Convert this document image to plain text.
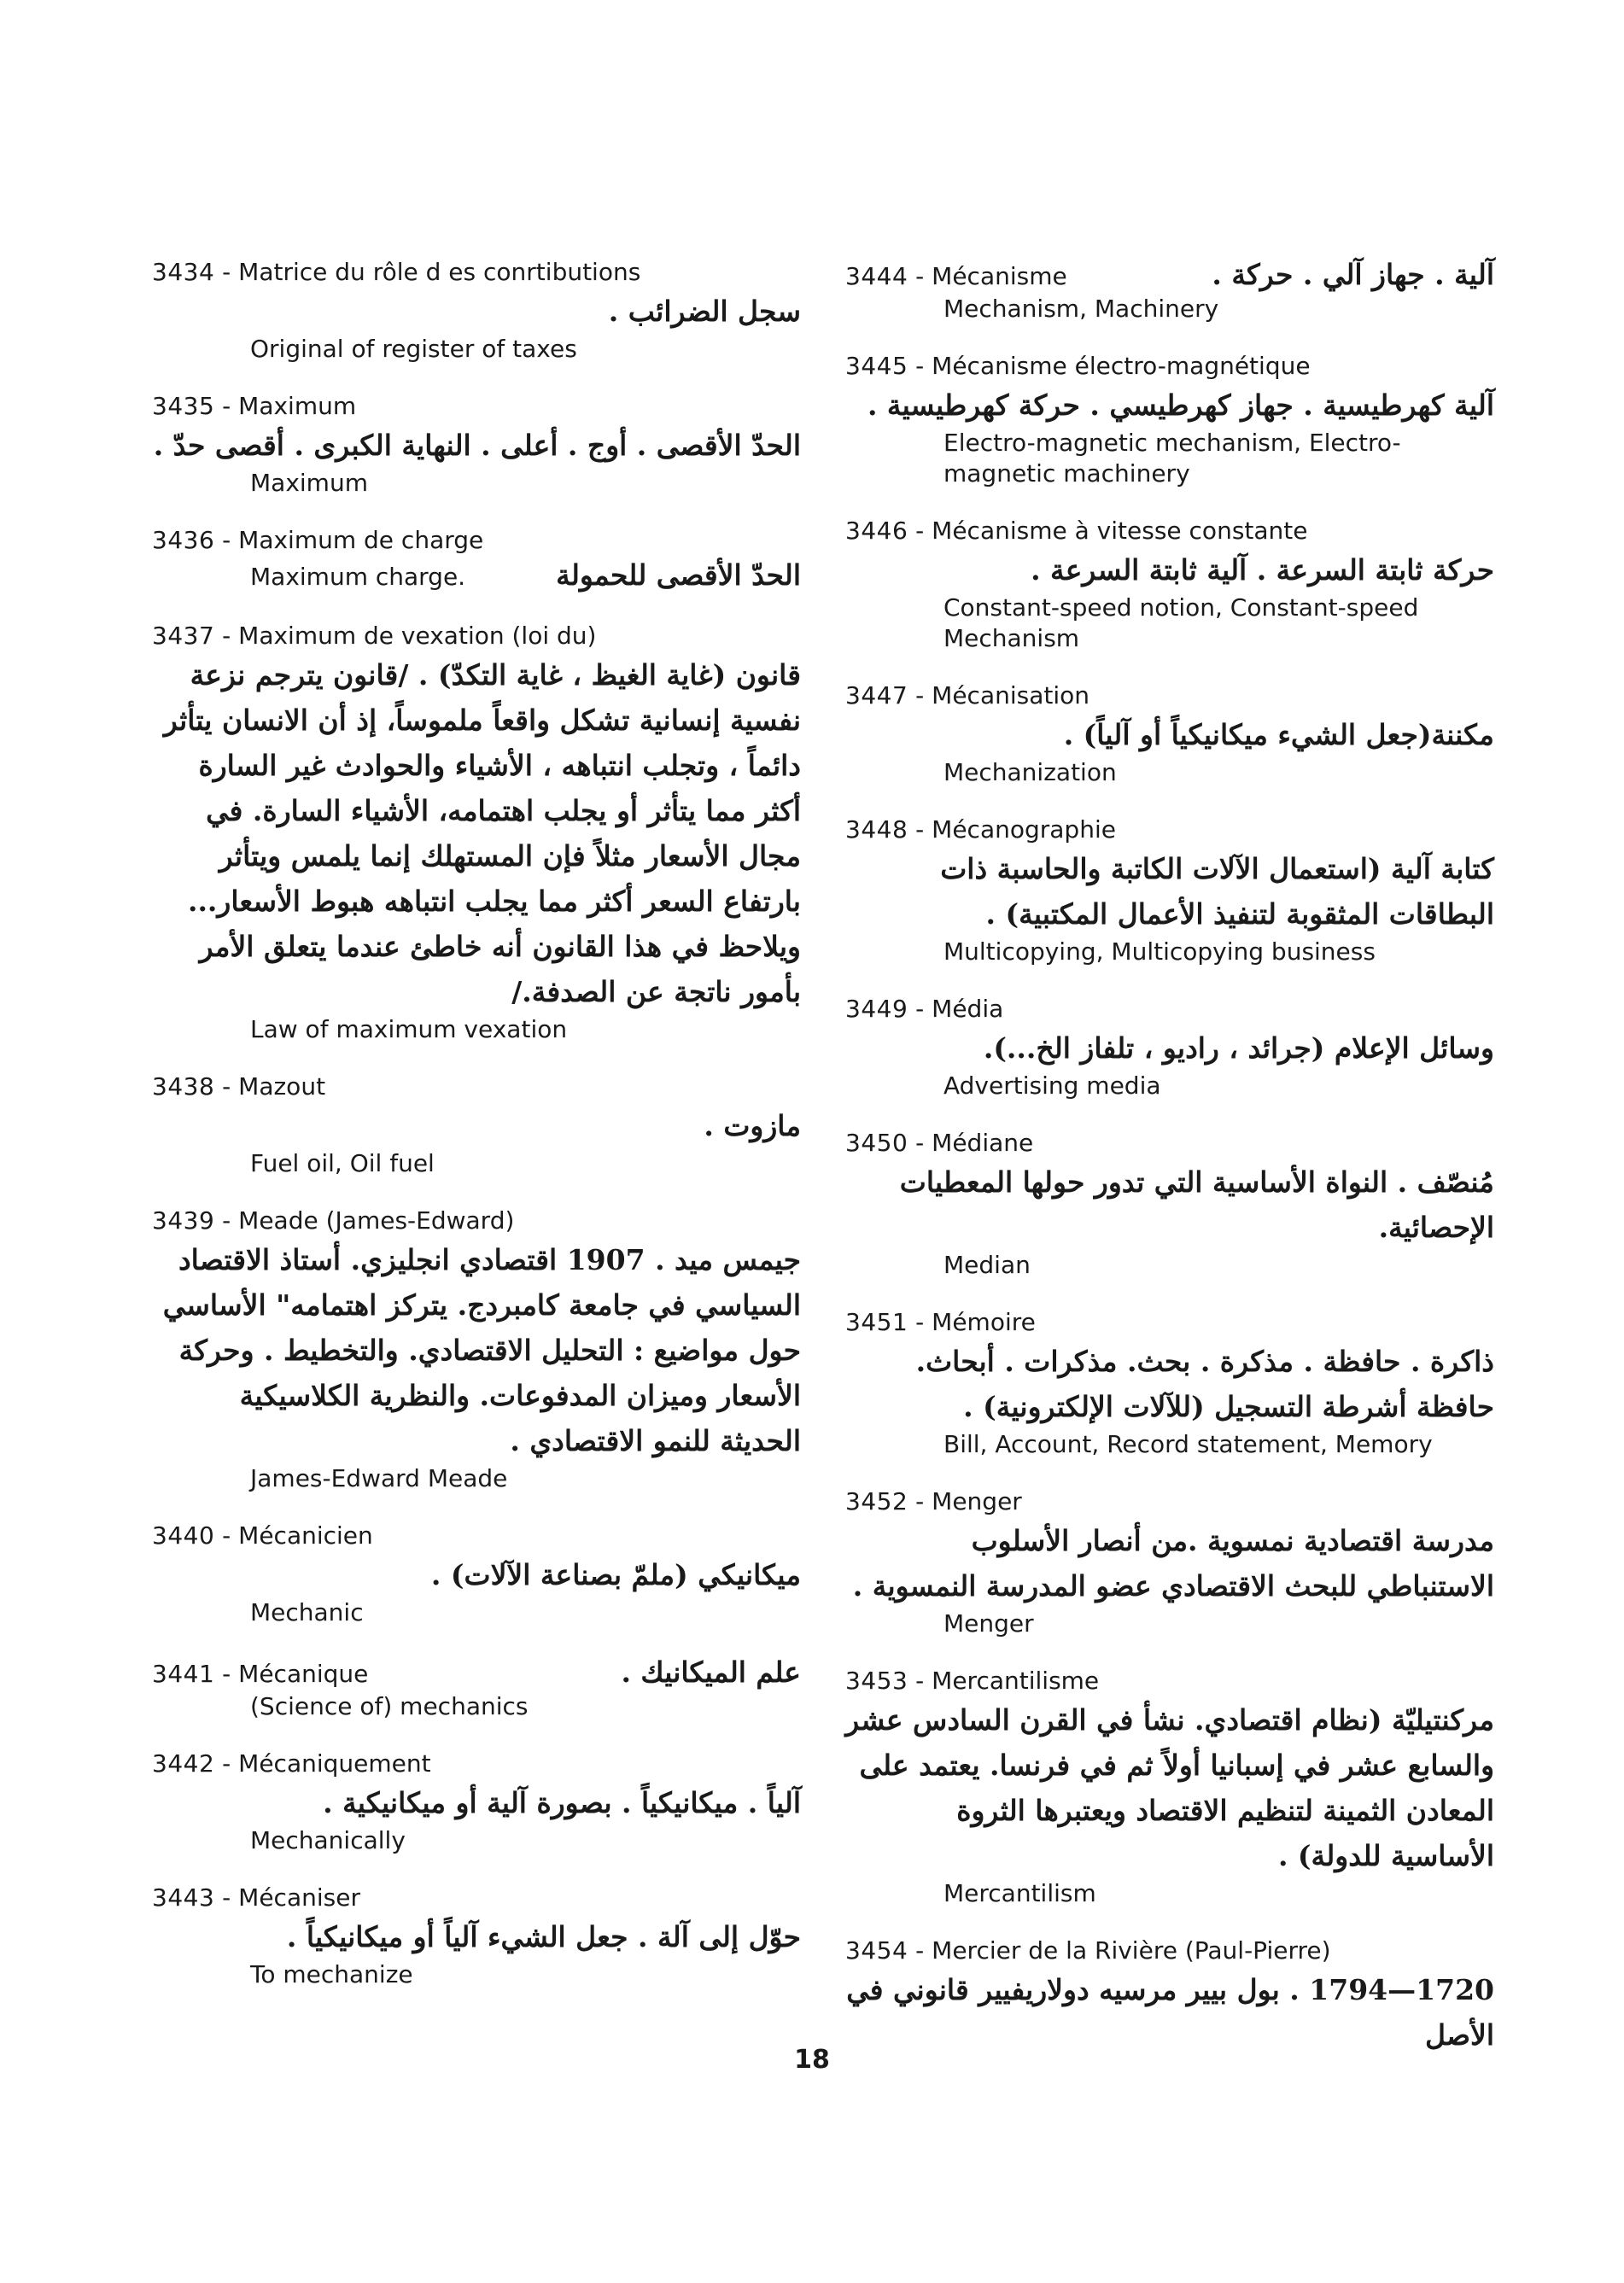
3434 - Matrice du rôle d es conrtibutions
سجل الضرائب .
Original of register of taxes
3435 - Maximum
الحدّ الأقصى . أوج . أعلى . النهاية الكبرى . أقصى حدّ .
Maximum
3436 - Maximum de charge
Maximum charge.	الحدّ الأقصى للحمولة
3437 - Maximum de vexation (loi du)
قانون (غاية الغيظ ، غاية التكدّ) . /قانون يترجم نزعة نفسية إنسانية تشكل واقعاً ملموساً، إذ أن الانسان يتأثر دائماً ، وتجلب انتباهه ، الأشياء والحوادث غير السارة أكثر مما يتأثر أو يجلب اهتمامه، الأشياء السارة. في مجال الأسعار مثلاً فإن المستهلك إنما يلمس ويتأثر بارتفاع السعر أكثر مما يجلب انتباهه هبوط الأسعار... ويلاحظ في هذا القانون أنه خاطئ عندما يتعلق الأمر بأمور ناتجة عن الصدفة./
Law of maximum vexation
3438 - Mazout
مازوت .
Fuel oil, Oil fuel
3439 - Meade (James-Edward)
جيمس ميد . 1907 اقتصادي انجليزي. أستاذ الاقتصاد السياسي في جامعة كامبردج. يتركز اهتمامه" الأساسي حول مواضيع : التحليل الاقتصادي. والتخطيط . وحركة الأسعار وميزان المدفوعات. والنظرية الكلاسيكية الحديثة للنمو الاقتصادي .
James-Edward Meade
3440 - Mécanicien
ميكانيكي (ملمّ بصناعة الآلات) .
Mechanic
3441 - Mécanique	علم الميكانيك .
(Science of) mechanics
3442 - Mécaniquement
آلياً . ميكانيكياً . بصورة آلية أو ميكانيكية .
Mechanically
3443 - Mécaniser
حوّل إلى آلة . جعل الشيء آلياً أو ميكانيكياً .
To mechanize
3444 - Mécanisme	آلية . جهاز آلي . حركة .
Mechanism, Machinery
3445 - Mécanisme électro-magnétique
آلية كهرطيسية . جهاز كهرطيسي . حركة كهرطيسية .
Electro-magnetic mechanism, Electro-magnetic machinery
3446 - Mécanisme à vitesse constante
حركة ثابتة السرعة . آلية ثابتة السرعة .
Constant-speed notion, Constant-speed Mechanism
3447 - Mécanisation
مكننة(جعل الشيء ميكانيكياً أو آلياً) .
Mechanization
3448 - Mécanographie
كتابة آلية (استعمال الآلات الكاتبة والحاسبة ذات البطاقات المثقوبة لتنفيذ الأعمال المكتبية) .
Multicopying, Multicopying business
3449 - Média
وسائل الإعلام (جرائد ، راديو ، تلفاز الخ...).
Advertising media
3450 - Médiane
مُنصّف . النواة الأساسية التي تدور حولها المعطيات الإحصائية.
Median
3451 - Mémoire
ذاكرة . حافظة . مذكرة . بحث. مذكرات . أبحاث. حافظة أشرطة التسجيل (للآلات الإلكترونية) .
Bill, Account, Record statement, Memory
3452 - Menger
مدرسة اقتصادية نمسوية .من أنصار الأسلوب الاستنباطي للبحث الاقتصادي عضو المدرسة النمسوية .
Menger
3453 - Mercantilisme
مركنتيليّة (نظام اقتصادي. نشأ في القرن السادس عشر والسابع عشر في إسبانيا أولاً ثم في فرنسا. يعتمد على المعادن الثمينة لتنظيم الاقتصاد ويعتبرها الثروة الأساسية للدولة) .
Mercantilism
3454 - Mercier de la Rivière (Paul-Pierre)
1720—1794 . بول بيير مرسيه دولاريفيير قانوني في الأصل
18
